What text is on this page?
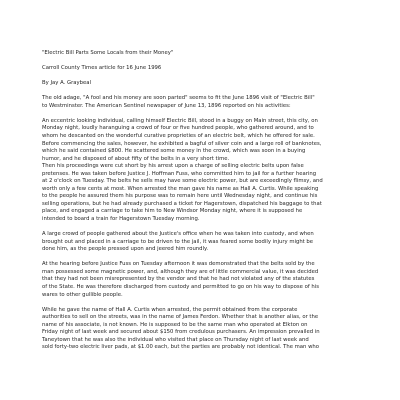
"Electric Bill Parts Some Locals from their Money"

Carroll County Times article for 16 June 1996

By Jay A. Graybeal

The old adage, "A fool and his money are soon parted" seems to fit the June 1896 visit of "Electric Bill"
to Westminster. The American Sentinel newspaper of June 13, 1896 reported on his activities:
An eccentric looking individual, calling himself Electric Bill, stood in a buggy on Main street, this city, on
Monday night, loudly haranguing a crowd of four or five hundred people, who gathered around, and to
whom he descanted on the wonderful curative proprieties of an electric belt, which he offered for sale.
Before commencing the sales, however, he exhibited a bagful of silver coin and a large roll of banknotes,
which he said contained $800. He scattered some money in the crowd, which was soon in a buying
humor, and he disposed of about fifty of the belts in a very short time.
Then his proceedings were cut short by his arrest upon a charge of selling electric belts upon false
pretenses. He was taken before Justice J. Hoffman Fuss, who committed him to jail for a further hearing
at 2 o'clock on Tuesday. The belts he sells may have some electric power, but are exceedingly flimsy, and
worth only a few cents at most. When arrested the man gave his name as Hall A. Curtis. While speaking
to the people he assured them his purpose was to remain here until Wednesday night, and continue his
selling operations, but he had already purchased a ticket for Hagerstown, dispatched his baggage to that
place, and engaged a carriage to take him to New Windsor Monday night, where it is supposed he
intended to board a train for Hagerstown Tuesday morning.
A large crowd of people gathered about the Justice's office when he was taken into custody, and when
brought out and placed in a carriage to be driven to the jail, it was feared some bodily injury might be
done him, as the people pressed upon and jeered him roundly.
At the hearing before Justice Fuss on Tuesday afternoon it was demonstrated that the belts sold by the
man possessed some magnetic power, and, although they are of little commercial value, it was decided
that they had not been misrepresented by the vendor and that he had not violated any of the statutes
of the State. He was therefore discharged from custody and permitted to go on his way to dispose of his
wares to other gullible people.
While he gave the name of Hall A. Curtis when arrested, the permit obtained from the corporate
authorities to sell on the streets, was in the name of James Ferdon. Whether that is another alias, or the
name of his associate, is not known. He is supposed to be the same man who operated at Elkton on
Friday night of last week and secured about $150 from credulous purchasers. An impression prevailed in
Taneytown that he was also the individual who visited that place on Thursday night of last week and
sold forty-two electric liver pads, at $1.00 each, but the parties are probably not identical. The man who
